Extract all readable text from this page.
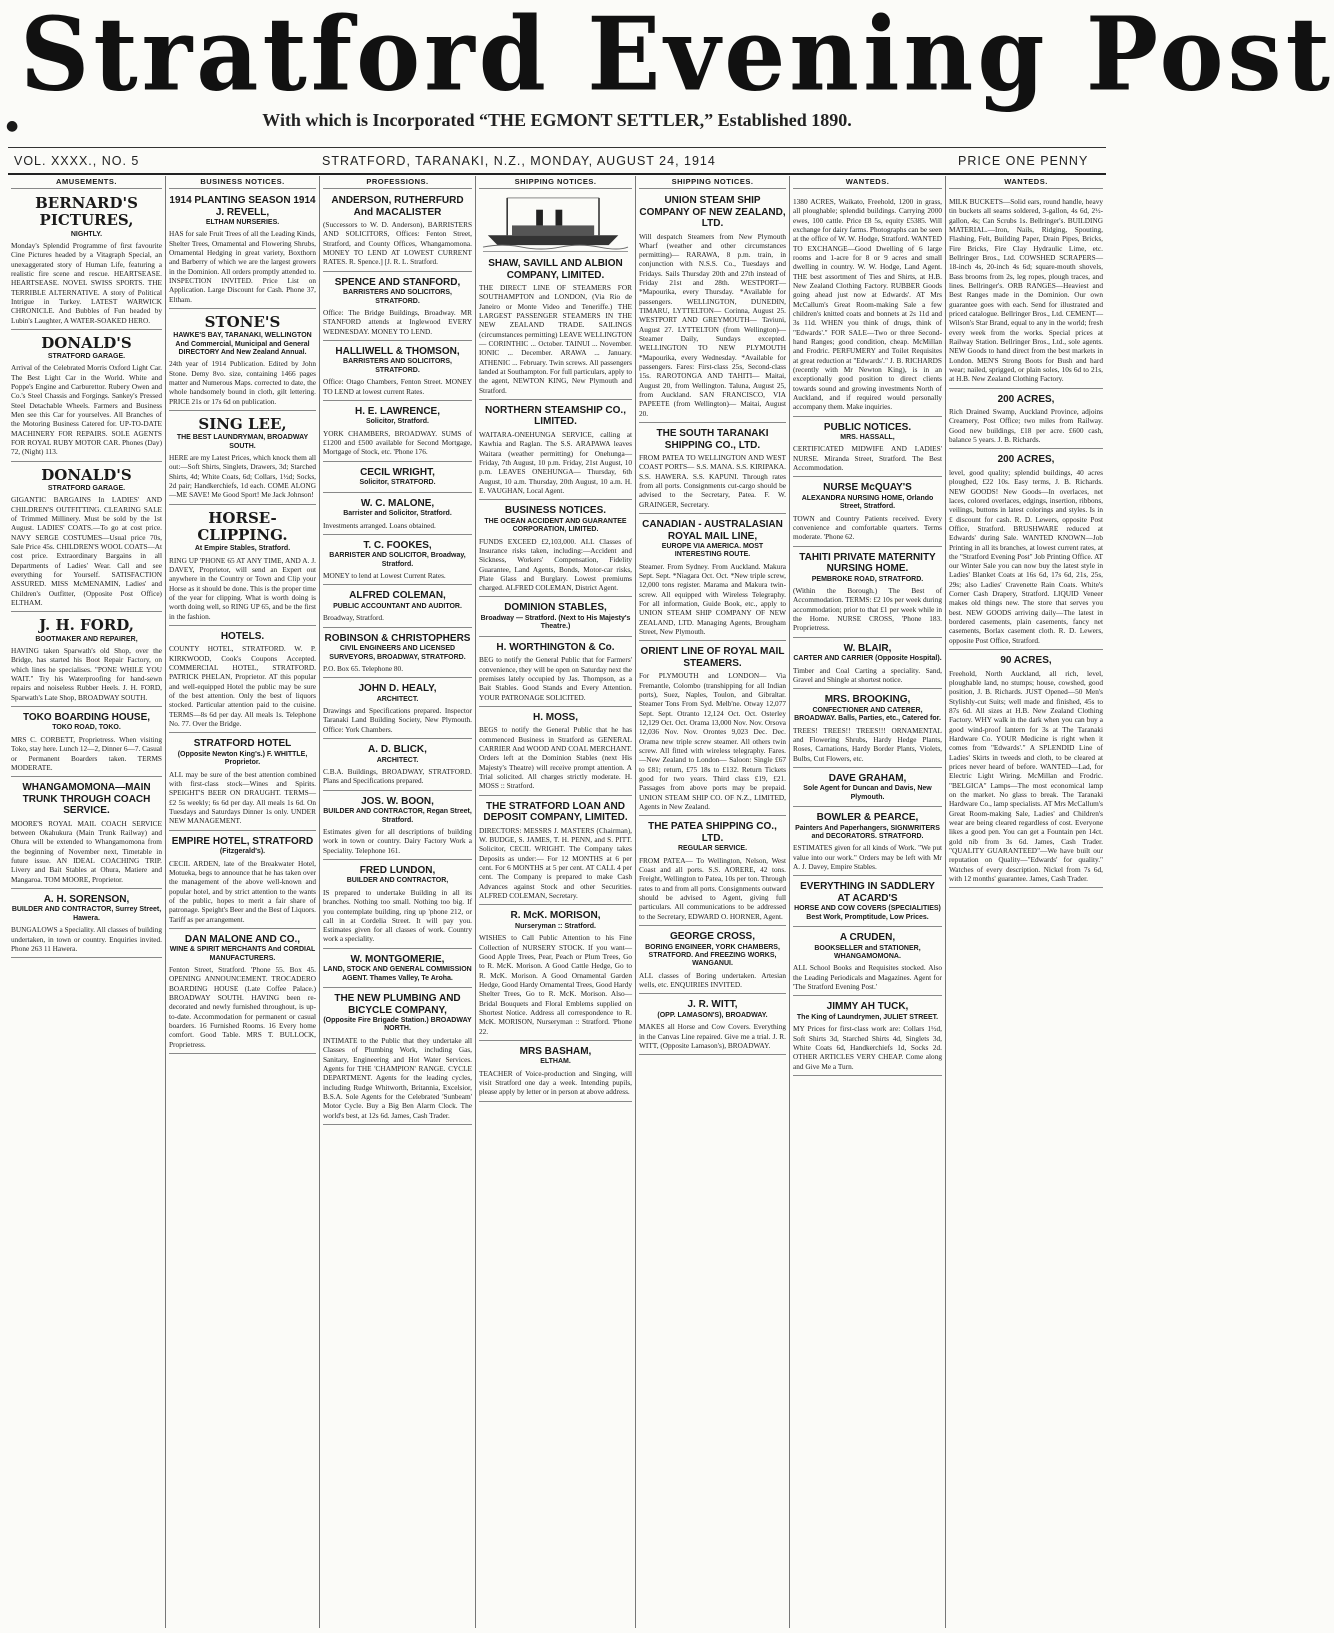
Stratford Evening Post
●	With which is Incorporated “THE EGMONT SETTLER,” Established 1890.
VOL. XXXX., NO. 5	STRATFORD, TARANAKI, N.Z., MONDAY, AUGUST 24, 1914	PRICE ONE PENNY
AMUSEMENTS.
BERNARD'S PICTURES,
NIGHTLY.
Monday's Splendid Programme of first favourite Cine Pictures headed by a Vitagraph Special, an unexaggerated story of Human Life, featuring a realistic fire scene and rescue. HEARTSEASE. HEARTSEASE. NOVEL SWISS SPORTS. THE TERRIBLE ALTERNATIVE. A story of Political Intrigue in Turkey. LATEST WARWICK CHRONICLE. And Bubbles of Fun headed by Lubin's Laughter, A WATER-SOAKED HERO.
DONALD'S
STRATFORD GARAGE.
Arrival of the Celebrated Morris Oxford Light Car. The Best Light Car in the World. White and Poppe's Engine and Carburettor. Rubery Owen and Co.'s Steel Chassis and Forgings. Sankey's Pressed Steel Detachable Wheels. Farmers and Business Men see this Car for yourselves. All Branches of the Motoring Business Catered for. UP-TO-DATE MACHINERY FOR REPAIRS. SOLE AGENTS FOR ROYAL RUBY MOTOR CAR. Phones (Day) 72, (Night) 113.
DONALD'S
STRATFORD GARAGE.
GIGANTIC BARGAINS In LADIES' AND CHILDREN'S OUTFITTING. CLEARING SALE of Trimmed Millinery. Must be sold by the 1st August. LADIES' COATS.—To go at cost price. NAVY SERGE COSTUMES—Usual price 70s, Sale Price 45s. CHILDREN'S WOOL COATS—At cost price. Extraordinary Bargains in all Departments of Ladies' Wear. Call and see everything for Yourself. SATISFACTION ASSURED. MISS McMENAMIN, Ladies' and Children's Outfitter, (Opposite Post Office) ELTHAM.
J. H. FORD,
BOOTMAKER AND REPAIRER,
HAVING taken Sparwath's old Shop, over the Bridge, has started his Boot Repair Factory, on which lines he specialises. "PONE WHILE YOU WAIT." Try his Waterproofing for hand-sewn repairs and noiseless Rubber Heels. J. H. FORD, Sparwath's Late Shop, BROADWAY SOUTH.
TOKO BOARDING HOUSE,
TOKO ROAD, TOKO.
MRS C. CORBETT, Proprietress. When visiting Toko, stay here. Lunch 12—2, Dinner 6—7. Casual or Permanent Boarders taken. TERMS MODERATE.
WHANGAMOMONA—MAIN TRUNK THROUGH COACH SERVICE.
MOORE'S ROYAL MAIL COACH SERVICE between Okahukura (Main Trunk Railway) and Ohura will be extended to Whangamomona from the beginning of November next, Timetable in future issue. AN IDEAL COACHING TRIP. Livery and Bait Stables at Ohura, Matiere and Mangaroa. TOM MOORE, Proprietor.
A. H. SORENSON,
BUILDER AND CONTRACTOR, Surrey Street, Hawera.
BUNGALOWS a Speciality. All classes of building undertaken, in town or country. Enquiries invited. Phone 263 11 Hawera.
BUSINESS NOTICES.
1914 PLANTING SEASON 1914 J. REVELL,
ELTHAM NURSERIES.
HAS for sale Fruit Trees of all the Leading Kinds, Shelter Trees, Ornamental and Flowering Shrubs, Ornamental Hedging in great variety, Boxthorn and Barberry of which we are the largest growers in the Dominion. All orders promptly attended to. INSPECTION INVITED. Price List on Application. Large Discount for Cash. Phone 37, Eltham.
STONE'S
HAWKE'S BAY, TARANAKI, WELLINGTON And Commercial, Municipal and General DIRECTORY And New Zealand Annual.
24th year of 1914 Publication. Edited by John Stone. Demy 8vo. size, containing 1466 pages matter and Numerous Maps. corrected to date, the whole handsomely bound in cloth, gilt lettering. PRICE 21s or 17s 6d on publication.
SING LEE,
THE BEST LAUNDRYMAN, BROADWAY SOUTH.
HERE are my Latest Prices, which knock them all out:—Soft Shirts, Singlets, Drawers, 3d; Starched Shirts, 4d; White Coats, 6d; Collars, 1½d; Socks, 2d pair; Handkerchiefs, 1d each. COME ALONG—ME SAVE! Me Good Sport! Me Jack Johnson!
HORSE-CLIPPING.
At Empire Stables, Stratford.
RING UP 'PHONE 65 AT ANY TIME, AND A. J. DAVEY, Proprietor, will send an Expert out anywhere in the Country or Town and Clip your Horse as it should be done. This is the proper time of the year for clipping. What is worth doing is worth doing well, so RING UP 65, and be the first in the fashion.
HOTELS.
COUNTY HOTEL, STRATFORD. W. P. KIRKWOOD, Cook's Coupons Accepted. COMMERCIAL HOTEL, STRATFORD. PATRICK PHELAN, Proprietor. AT this popular and well-equipped Hotel the public may be sure of the best attention. Only the best of liquors stocked. Particular attention paid to the cuisine. TERMS—8s 6d per day. All meals 1s. Telephone No. 77. Over the Bridge.
STRATFORD HOTEL
(Opposite Newton King's.) F. WHITTLE, Proprietor.
ALL may be sure of the best attention combined with first-class stock—Wines and Spirits. SPEIGHT'S BEER ON DRAUGHT. TERMS—£2 5s weekly; 6s 6d per day. All meals 1s 6d. On Tuesdays and Saturdays Dinner 1s only. UNDER NEW MANAGEMENT.
EMPIRE HOTEL, STRATFORD
(Fitzgerald's).
CECIL ARDEN, late of the Breakwater Hotel, Motueka, begs to announce that he has taken over the management of the above well-known and popular hotel, and by strict attention to the wants of the public, hopes to merit a fair share of patronage. Speight's Beer and the Best of Liquors. Tariff as per arrangement.
DAN MALONE AND CO.,
WINE & SPIRIT MERCHANTS And CORDIAL MANUFACTURERS.
Fenton Street, Stratford. 'Phone 55. Box 45. OPENING ANNOUNCEMENT. TROCADERO BOARDING HOUSE (Late Coffee Palace.) BROADWAY SOUTH. HAVING been re-decorated and newly furnished throughout, is up-to-date. Accommodation for permanent or casual boarders. 16 Furnished Rooms. 16 Every home comfort. Good Table. MRS T. BULLOCK, Proprietress.
PROFESSIONS.
ANDERSON, RUTHERFURD And MACALISTER
(Successors to W. D. Anderson), BARRISTERS AND SOLICITORS, Offices: Fenton Street, Stratford, and County Offices, Whangamomona. MONEY TO LEND AT LOWEST CURRENT RATES. R. Spence.] [J. R. L. Stratford.
SPENCE AND STANFORD,
BARRISTERS AND SOLICITORS, STRATFORD.
Office: The Bridge Buildings, Broadway. MR STANFORD attends at Inglewood EVERY WEDNESDAY. MONEY TO LEND.
HALLIWELL & THOMSON,
BARRISTERS AND SOLICITORS, STRATFORD.
Office: Otago Chambers, Fenton Street. MONEY TO LEND at lowest current Rates.
H. E. LAWRENCE,
Solicitor, Stratford.
YORK CHAMBERS, BROADWAY. SUMS of £1200 and £500 available for Second Mortgage, Mortgage of Stock, etc. 'Phone 176.
CECIL WRIGHT,
Solicitor, STRATFORD.
W. C. MALONE,
Barrister and Solicitor, Stratford.
Investments arranged. Loans obtained.
T. C. FOOKES,
BARRISTER AND SOLICITOR, Broadway, Stratford.
MONEY to lend at Lowest Current Rates.
ALFRED COLEMAN,
PUBLIC ACCOUNTANT AND AUDITOR.
Broadway, Stratford.
ROBINSON & CHRISTOPHERS
CIVIL ENGINEERS AND LICENSED SURVEYORS, BROADWAY, STRATFORD.
P.O. Box 65. Telephone 80.
JOHN D. HEALY,
ARCHITECT.
Drawings and Specifications prepared. Inspector Taranaki Land Building Society, New Plymouth. Office: York Chambers.
A. D. BLICK,
ARCHITECT.
C.B.A. Buildings, BROADWAY, STRATFORD. Plans and Specifications prepared.
JOS. W. BOON,
BUILDER AND CONTRACTOR, Regan Street, Stratford.
Estimates given for all descriptions of building work in town or country. Dairy Factory Work a Speciality. Telephone 161.
FRED LUNDON,
BUILDER AND CONTRACTOR,
IS prepared to undertake Building in all its branches. Nothing too small. Nothing too big. If you contemplate building, ring up 'phone 212, or call in at Cordelia Street. It will pay you. Estimates given for all classes of work. Country work a speciality.
W. MONTGOMERIE,
LAND, STOCK AND GENERAL COMMISSION AGENT. Thames Valley, Te Aroha.
THE NEW PLUMBING AND BICYCLE COMPANY,
(Opposite Fire Brigade Station.) BROADWAY NORTH.
INTIMATE to the Public that they undertake all Classes of Plumbing Work, including Gas, Sanitary, Engineering and Hot Water Services. Agents for THE 'CHAMPION' RANGE. CYCLE DEPARTMENT. Agents for the leading cycles, including Rudge Whitworth, Britannia, Excelsior, B.S.A. Sole Agents for the Celebrated 'Sunbeam' Motor Cycle. Buy a Big Ben Alarm Clock. The world's best, at 12s 6d. James, Cash Trader.
SHIPPING NOTICES.
SHAW, SAVILL AND ALBION COMPANY, LIMITED.
THE DIRECT LINE OF STEAMERS FOR SOUTHAMPTON and LONDON, (Via Rio de Janeiro or Monte Video and Teneriffe.) THE LARGEST PASSENGER STEAMERS IN THE NEW ZEALAND TRADE. SAILINGS (circumstances permitting) LEAVE WELLINGTON— CORINTHIC ... October. TAINUI ... November. IONIC ... December. ARAWA ... January. ATHENIC ... February. Twin screws. All passengers landed at Southampton. For full particulars, apply to the agent, NEWTON KING, New Plymouth and Stratford.
NORTHERN STEAMSHIP CO., LIMITED.
WAITARA-ONEHUNGA SERVICE, calling at Kawhia and Raglan. The S.S. ARAPAWA leaves Waitara (weather permitting) for Onehunga— Friday, 7th August, 10 p.m. Friday, 21st August, 10 p.m. LEAVES ONEHUNGA— Thursday, 6th August, 10 a.m. Thursday, 20th August, 10 a.m. H. E. VAUGHAN, Local Agent.
BUSINESS NOTICES.
THE OCEAN ACCIDENT AND GUARANTEE CORPORATION, LIMITED.
FUNDS EXCEED £2,103,000. ALL Classes of Insurance risks taken, including:—Accident and Sickness, Workers' Compensation, Fidelity Guarantee, Land Agents, Bonds, Motor-car risks, Plate Glass and Burglary. Lowest premiums charged. ALFRED COLEMAN, District Agent.
DOMINION STABLES,
Broadway — Stratford. (Next to His Majesty's Theatre.)
H. WORTHINGTON & Co.
BEG to notify the General Public that for Farmers' convenience, they will be open on Saturday next the premises lately occupied by Jas. Thompson, as a Bait Stables. Good Stands and Every Attention. YOUR PATRONAGE SOLICITED.
H. MOSS,
BEGS to notify the General Public that he has commenced Business in Stratford as GENERAL CARRIER And WOOD AND COAL MERCHANT. Orders left at the Dominion Stables (next His Majesty's Theatre) will receive prompt attention. A Trial solicited. All charges strictly moderate. H. MOSS :: Stratford.
THE STRATFORD LOAN AND DEPOSIT COMPANY, LIMITED.
DIRECTORS: MESSRS J. MASTERS (Chairman), W. BUDGE, S. JAMES, T. H. PENN, and S. PITT. Solicitor, CECIL WRIGHT. The Company takes Deposits as under:— For 12 MONTHS at 6 per cent. For 6 MONTHS at 5 per cent. AT CALL 4 per cent. The Company is prepared to make Cash Advances against Stock and other Securities. ALFRED COLEMAN, Secretary.
R. McK. MORISON,
Nurseryman :: Stratford.
WISHES to Call Public Attention to his Fine Collection of NURSERY STOCK. If you want— Good Apple Trees, Pear, Peach or Plum Trees, Go to R. McK. Morison. A Good Cattle Hedge, Go to R. McK. Morison. A Good Ornamental Garden Hedge, Good Hardy Ornamental Trees, Good Hardy Shelter Trees, Go to R. McK. Morison. Also—Bridal Bouquets and Floral Emblems supplied on Shortest Notice. Address all correspondence to R. McK. MORISON, Nurseryman :: Stratford. 'Phone 22.
MRS BASHAM,
ELTHAM.
TEACHER of Voice-production and Singing, will visit Stratford one day a week. Intending pupils, please apply by letter or in person at above address.
SHIPPING NOTICES.
UNION STEAM SHIP COMPANY OF NEW ZEALAND, LTD.
Will despatch Steamers from New Plymouth Wharf (weather and other circumstances permitting)— RARAWA, 8 p.m. train, in conjunction with N.S.S. Co., Tuesdays and Fridays. Sails Thursday 20th and 27th instead of Friday 21st and 28th. WESTPORT— *Mapourika, every Thursday. *Available for passengers. WELLINGTON, DUNEDIN, TIMARU, LYTTELTON— Corinna, August 25. WESTPORT AND GREYMOUTH— Taviuni, August 27. LYTTELTON (from Wellington)— Steamer Daily, Sundays excepted. WELLINGTON TO NEW PLYMOUTH *Mapourika, every Wednesday. *Available for passengers. Fares: First-class 25s, Second-class 15s. RAROTONGA AND TAHITI— Maitai, August 20, from Wellington. Taluna, August 25, from Auckland. SAN FRANCISCO, VIA PAPEETE (from Wellington)— Maitai, August 20.
THE SOUTH TARANAKI SHIPPING CO., LTD.
FROM PATEA TO WELLINGTON AND WEST COAST PORTS— S.S. MANA. S.S. KIRIPAKA. S.S. HAWERA. S.S. KAPUNI. Through rates from all ports. Consignments cut-cargo should be advised to the Secretary, Patea. F. W. GRAINGER, Secretary.
CANADIAN - AUSTRALASIAN ROYAL MAIL LINE,
EUROPE VIA AMERICA. MOST INTERESTING ROUTE.
Steamer. From Sydney. From Auckland. Makura Sept. Sept. *Niagara Oct. Oct. *New triple screw, 12,000 tons register. Marama and Makura twin-screw. All equipped with Wireless Telegraphy. For all information, Guide Book, etc., apply to UNION STEAM SHIP COMPANY OF NEW ZEALAND, LTD. Managing Agents, Brougham Street, New Plymouth.
ORIENT LINE OF ROYAL MAIL STEAMERS.
For PLYMOUTH and LONDON— Via Fremantle, Colombo (transhipping for all Indian ports), Suez, Naples, Toulon, and Gibraltar. Steamer Tons From Syd. Melb'ne. Otway 12,077 Sept. Sept. Otranto 12,124 Oct. Oct. Osterley 12,129 Oct. Oct. Orama 13,000 Nov. Nov. Orsova 12,036 Nov. Nov. Orontes 9,023 Dec. Dec. Orama new triple screw steamer. All others twin screw. All fitted with wireless telegraphy. Fares.—New Zealand to London— Saloon: Single £67 to £81; return, £75 18s to £132. Return Tickets good for two years. Third class £19, £21. Passages from above ports may be prepaid. UNION STEAM SHIP CO. OF N.Z., LIMITED, Agents in New Zealand.
THE PATEA SHIPPING CO., LTD.
REGULAR SERVICE.
FROM PATEA— To Wellington, Nelson, West Coast and all ports. S.S. AORERE, 42 tons. Freight, Wellington to Patea, 10s per ton. Through rates to and from all ports. Consignments outward should be advised to Agent, giving full particulars. All communications to be addressed to the Secretary, EDWARD O. HORNER, Agent.
GEORGE CROSS,
BORING ENGINEER, YORK CHAMBERS, STRATFORD. And FREEZING WORKS, WANGANUI.
ALL classes of Boring undertaken. Artesian wells, etc. ENQUIRIES INVITED.
J. R. WITT,
(OPP. LAMASON'S), BROADWAY.
MAKES all Horse and Cow Covers. Everything in the Canvas Line repaired. Give me a trial. J. R. WITT, (Opposite Lamason's), BROADWAY.
WANTEDS.
1380 ACRES, Waikato, Freehold, 1200 in grass, all ploughable; splendid buildings. Carrying 2000 ewes, 100 cattle. Price £8 5s, equity £5385. Will exchange for dairy farms. Photographs can be seen at the office of W. W. Hodge, Stratford. WANTED TO EXCHANGE—Good Dwelling of 6 large rooms and 1-acre for 8 or 9 acres and small dwelling in country. W. W. Hodge, Land Agent. THE best assortment of Ties and Shirts, at H.B. New Zealand Clothing Factory. RUBBER Goods going ahead just now at Edwards'. AT Mrs McCallum's Great Room-making Sale a few children's knitted coats and bonnets at 2s 11d and 3s 11d. WHEN you think of drugs, think of "Edwards'." FOR SALE—Two or three Second-hand Ranges; good condition, cheap. McMillan and Frodric. PERFUMERY and Toilet Requisites at great reduction at "Edwards'." J. B. RICHARDS (recently with Mr Newton King), is in an exceptionally good position to direct clients towards sound and growing investments North of Auckland, and if required would personally accompany them. Make inquiries.
PUBLIC NOTICES.
MRS. HASSALL,
CERTIFICATED MIDWIFE AND LADIES' NURSE. Miranda Street, Stratford. The Best Accommodation.
NURSE McQUAY'S
ALEXANDRA NURSING HOME, Orlando Street, Stratford.
TOWN and Country Patients received. Every convenience and comfortable quarters. Terms moderate. 'Phone 62.
TAHITI PRIVATE MATERNITY NURSING HOME.
PEMBROKE ROAD, STRATFORD.
(Within the Borough.) The Best of Accommodation. TERMS: £2 10s per week during accommodation; prior to that £1 per week while in the Home. NURSE CROSS, 'Phone 183. Proprietress.
W. BLAIR,
CARTER AND CARRIER (Opposite Hospital).
Timber and Coal Carting a speciality. Sand, Gravel and Shingle at shortest notice.
MRS. BROOKING,
CONFECTIONER AND CATERER, BROADWAY. Balls, Parties, etc., Catered for.
TREES! TREES!! TREES!!! ORNAMENTAL and Flowering Shrubs, Hardy Hedge Plants, Roses, Carnations, Hardy Border Plants, Violets, Bulbs, Cut Flowers, etc.
DAVE GRAHAM,
Sole Agent for Duncan and Davis, New Plymouth.
BOWLER & PEARCE,
Painters And Paperhangers, SIGNWRITERS and DECORATORS. STRATFORD.
ESTIMATES given for all kinds of Work. "We put value into our work." Orders may be left with Mr A. J. Davey, Empire Stables.
EVERYTHING IN SADDLERY AT ACARD'S
HORSE AND COW COVERS (SPECIALITIES) Best Work, Promptitude, Low Prices.
A CRUDEN,
BOOKSELLER and STATIONER, WHANGAMOMONA.
ALL School Books and Requisites stocked. Also the Leading Periodicals and Magazines. Agent for 'The Stratford Evening Post.'
JIMMY AH TUCK,
The King of Laundrymen, JULIET STREET.
MY Prices for first-class work are: Collars 1½d, Soft Shirts 3d, Starched Shirts 4d, Singlets 3d, White Coats 6d, Handkerchiefs 1d, Socks 2d. OTHER ARTICLES VERY CHEAP. Come along and Give Me a Turn.
WANTEDS.
MILK BUCKETS—Solid ears, round handle, heavy tin buckets all seams soldered, 3-gallon, 4s 6d, 2½-gallon, 4s; Can Scrubs 1s. Bellringer's. BUILDING MATERIAL.—Iron, Nails, Ridging, Spouting, Flashing, Felt, Building Paper, Drain Pipes, Bricks, Fire Bricks, Fire Clay Hydraulic Lime, etc. Bellringer Bros., Ltd. COWSHED SCRAPERS—18-inch 4s, 20-inch 4s 6d; square-mouth shovels, Bass brooms from 2s, leg ropes, plough traces, and lines. Bellringer's. ORB RANGES—Heaviest and Best Ranges made in the Dominion. Our own guarantee goes with each. Send for illustrated and priced catalogue. Bellringer Bros., Ltd. CEMENT—Wilson's Star Brand, equal to any in the world; fresh every week from the works. Special prices at Railway Station. Bellringer Bros., Ltd., sole agents. NEW Goods to hand direct from the best markets in London. MEN'S Strong Boots for Bush and hard wear; nailed, sprigged, or plain soles, 10s 6d to 21s, at H.B. New Zealand Clothing Factory.
200 ACRES,
Rich Drained Swamp, Auckland Province, adjoins Creamery, Post Office; two miles from Railway. Good new buildings, £18 per acre. £600 cash, balance 5 years. J. B. Richards.
200 ACRES,
level, good quality; splendid buildings, 40 acres ploughed, £22 10s. Easy terms, J. B. Richards. NEW GOODS! New Goods—In overlaces, net laces, colored overlaces, edgings, insertion, ribbons, veilings, buttons in latest colorings and styles. Is in £ discount for cash. R. D. Lewers, opposite Post Office, Stratford. BRUSHWARE reduced at Edwards' during Sale. WANTED KNOWN—Job Printing in all its branches, at lowest current rates, at the "Stratford Evening Post" Job Printing Office. AT our Winter Sale you can now buy the latest style in Ladies' Blanket Coats at 16s 6d, 17s 6d, 21s, 25s, 29s; also Ladies' Cravenette Rain Coats. White's Corner Cash Drapery, Stratford. LIQUID Veneer makes old things new. The store that serves you best. NEW GOODS arriving daily—The latest in bordered casements, plain casements, fancy net casements, Borlax casement cloth. R. D. Lewers, opposite Post Office, Stratford.
90 ACRES,
Freehold, North Auckland, all rich, level, ploughable land, no stumps; house, cowshed, good position, J. B. Richards. JUST Opened—50 Men's Stylishly-cut Suits; well made and finished, 45s to 87s 6d. All sizes at H.B. New Zealand Clothing Factory. WHY walk in the dark when you can buy a good wind-proof lantern for 3s at The Taranaki Hardware Co. YOUR Medicine is right when it comes from "Edwards'." A SPLENDID Line of Ladies' Skirts in tweeds and cloth, to be cleared at prices never heard of before. WANTED—Lad, for Electric Light Wiring. McMillan and Frodric. "BELGICA" Lamps—The most economical lamp on the market. No glass to break. The Taranaki Hardware Co., lamp specialists. AT Mrs McCallum's Great Room-making Sale, Ladies' and Children's wear are being cleared regardless of cost. Everyone likes a good pen. You can get a Fountain pen 14ct. gold nib from 3s 6d. James, Cash Trader. "QUALITY GUARANTEED"—We have built our reputation on Quality—"Edwards' for quality." Watches of every description. Nickel from 7s 6d, with 12 months' guarantee. James, Cash Trader.
